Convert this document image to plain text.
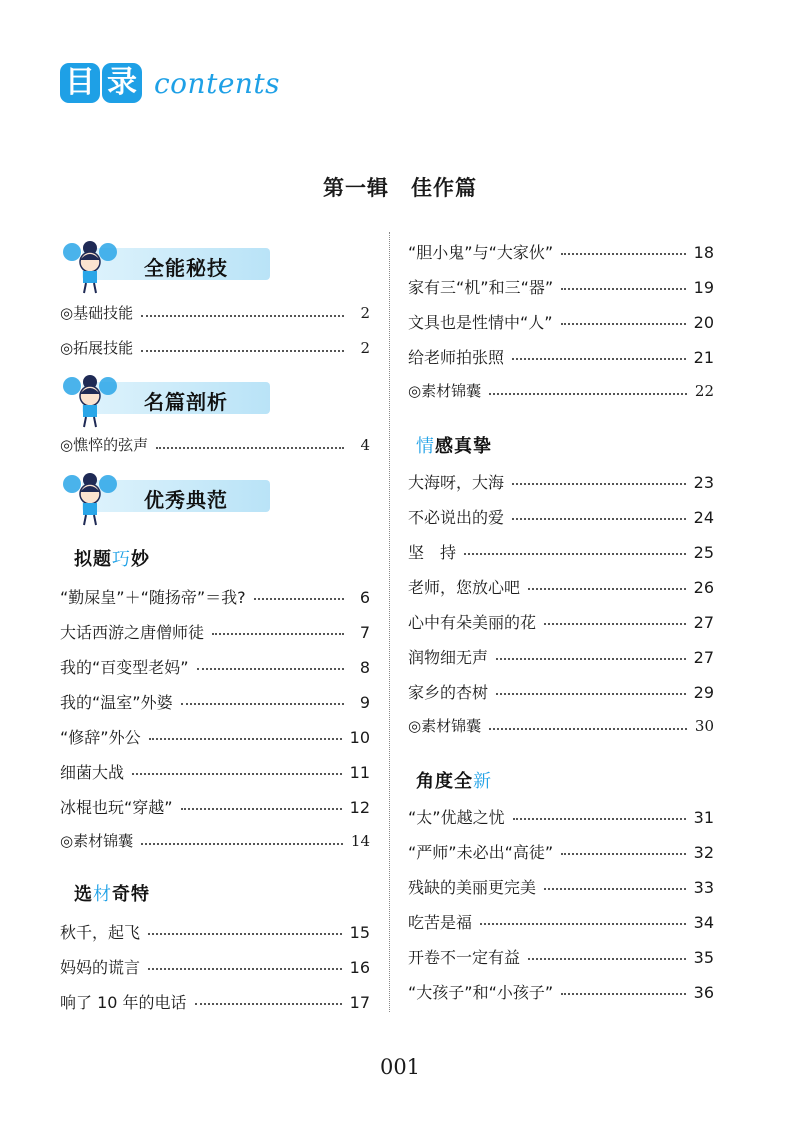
目 录 contents
第一辑　佳作篇
全能秘技
◎基础技能	2
◎拓展技能	2
名篇剖析
◎憔悴的弦声	4
优秀典范
拟题巧妙
“勤屎皇”＋“随扬帝”＝我?	6
大话西游之唐僧师徒	7
我的“百变型老妈”	8
我的“温室”外婆	9
“修辞”外公	10
细菌大战	11
冰棍也玩“穿越”	12
◎素材锦囊	14
选材奇特
秋千，起飞	15
妈妈的谎言	16
响了 10 年的电话	17
“胆小鬼”与“大家伙”	18
家有三“机”和三“器”	19
文具也是性情中“人”	20
给老师拍张照	21
◎素材锦囊	22
情感真挚
大海呀，大海	23
不必说出的爱	24
坚　持	25
老师，您放心吧	26
心中有朵美丽的花	27
润物细无声	27
家乡的杏树	29
◎素材锦囊	30
角度全新
“太”优越之忧	31
“严师”未必出“高徒”	32
残缺的美丽更完美	33
吃苦是福	34
开卷不一定有益	35
“大孩子”和“小孩子”	36
001
